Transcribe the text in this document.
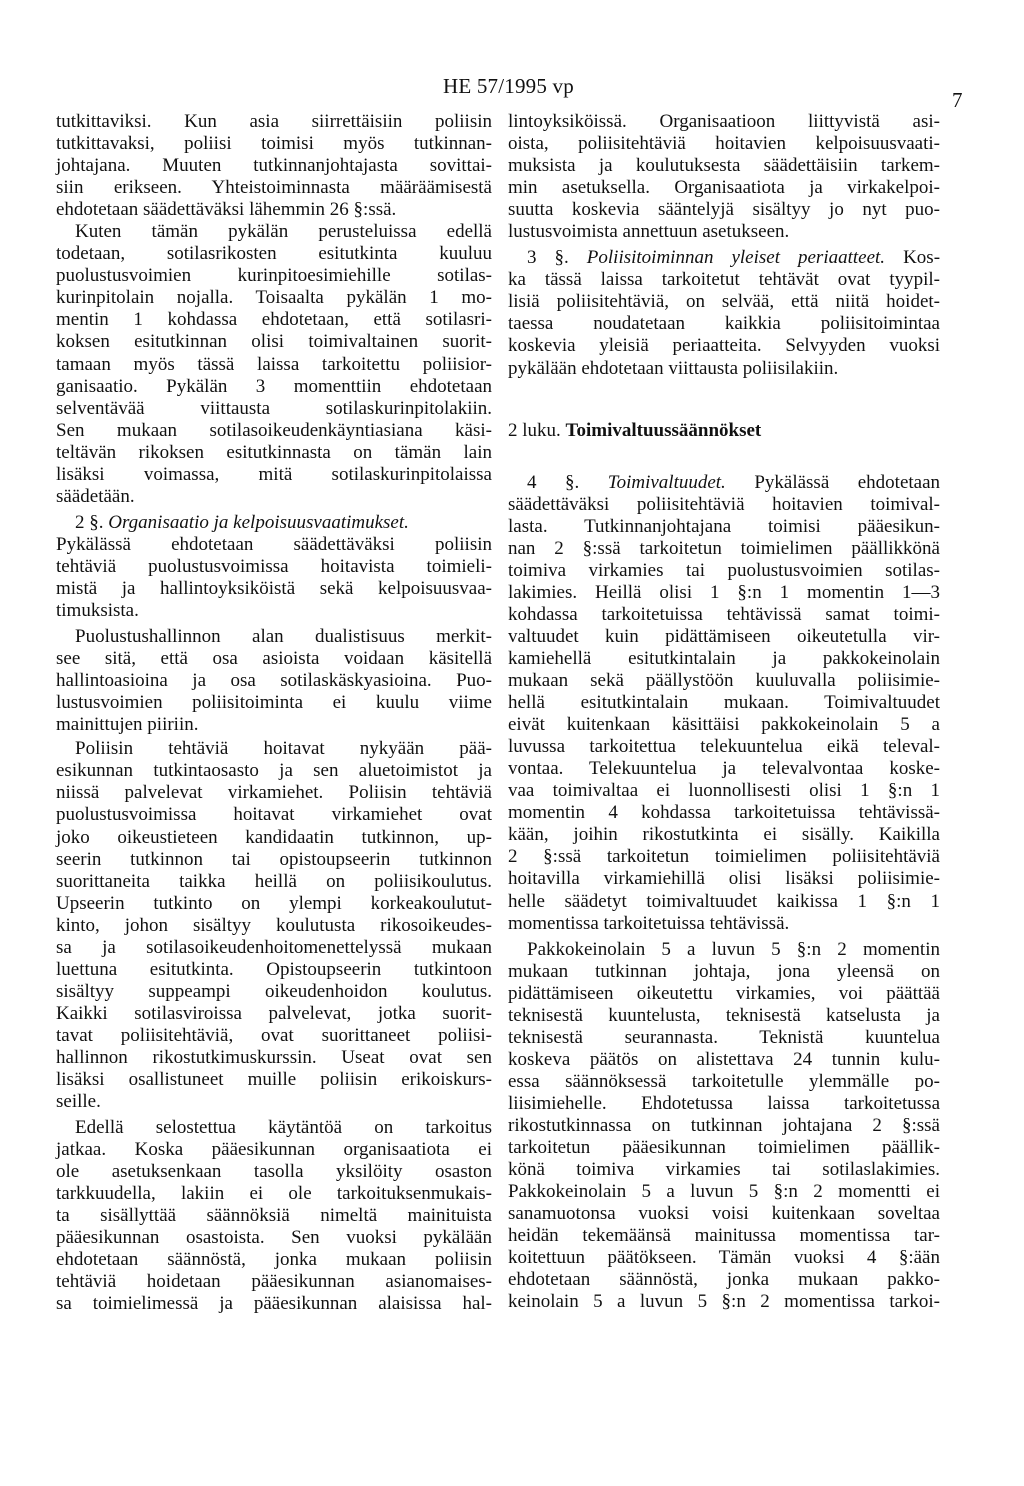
HE 57/1995 vp
7
tutkittaviksi. Kun asia siirrettäisiin poliisin
tutkittavaksi, poliisi toimisi myös tutkinnan-
johtajana. Muuten tutkinnanjohtajasta sovittai-
siin erikseen. Yhteistoiminnasta määräämisestä
ehdotetaan säädettäväksi lähemmin 26 §:ssä.
Kuten tämän pykälän perusteluissa edellä
todetaan, sotilasrikosten esitutkinta kuuluu
puolustusvoimien kurinpitoesimiehille sotilas-
kurinpitolain nojalla. Toisaalta pykälän 1 mo-
mentin 1 kohdassa ehdotetaan, että sotilasri-
koksen esitutkinnan olisi toimivaltainen suorit-
tamaan myös tässä laissa tarkoitettu poliisior-
ganisaatio. Pykälän 3 momenttiin ehdotetaan
selventävää viittausta sotilaskurinpitolakiin.
Sen mukaan sotilasoikeudenkäyntiasiana käsi-
teltävän rikoksen esitutkinnasta on tämän lain
lisäksi voimassa, mitä sotilaskurinpitolaissa
säädetään.
2 §. Organisaatio ja kelpoisuusvaatimukset.
Pykälässä ehdotetaan säädettäväksi poliisin
tehtäviä puolustusvoimissa hoitavista toimieli-
mistä ja hallintoyksiköistä sekä kelpoisuusvaa-
timuksista.
Puolustushallinnon alan dualistisuus merkit-
see sitä, että osa asioista voidaan käsitellä
hallintoasioina ja osa sotilaskäskyasioina. Puo-
lustusvoimien poliisitoiminta ei kuulu viime
mainittujen piiriin.
Poliisin tehtäviä hoitavat nykyään pää-
esikunnan tutkintaosasto ja sen aluetoimistot ja
niissä palvelevat virkamiehet. Poliisin tehtäviä
puolustusvoimissa hoitavat virkamiehet ovat
joko oikeustieteen kandidaatin tutkinnon, up-
seerin tutkinnon tai opistoupseerin tutkinnon
suorittaneita taikka heillä on poliisikoulutus.
Upseerin tutkinto on ylempi korkeakoulutut-
kinto, johon sisältyy koulutusta rikosoikeudes-
sa ja sotilasoikeudenhoitomenettelyssä mukaan
luettuna esitutkinta. Opistoupseerin tutkintoon
sisältyy suppeampi oikeudenhoidon koulutus.
Kaikki sotilasviroissa palvelevat, jotka suorit-
tavat poliisitehtäviä, ovat suorittaneet poliisi-
hallinnon rikostutkimuskurssin. Useat ovat sen
lisäksi osallistuneet muille poliisin erikoiskurs-
seille.
Edellä selostettua käytäntöä on tarkoitus
jatkaa. Koska pääesikunnan organisaatiota ei
ole asetuksenkaan tasolla yksilöity osaston
tarkkuudella, lakiin ei ole tarkoituksenmukais-
ta sisällyttää säännöksiä nimeltä mainituista
pääesikunnan osastoista. Sen vuoksi pykälään
ehdotetaan säännöstä, jonka mukaan poliisin
tehtäviä hoidetaan pääesikunnan asianomaises-
sa toimielimessä ja pääesikunnan alaisissa hal-
lintoyksiköissä. Organisaatioon liittyvistä asi-
oista, poliisitehtäviä hoitavien kelpoisuusvaati-
muksista ja koulutuksesta säädettäisiin tarkem-
min asetuksella. Organisaatiota ja virkakelpoi-
suutta koskevia sääntelyjä sisältyy jo nyt puo-
lustusvoimista annettuun asetukseen.
3 §. Poliisitoiminnan yleiset periaatteet. Kos-
ka tässä laissa tarkoitetut tehtävät ovat tyypil-
lisiä poliisitehtäviä, on selvää, että niitä hoidet-
taessa noudatetaan kaikkia poliisitoimintaa
koskevia yleisiä periaatteita. Selvyyden vuoksi
pykälään ehdotetaan viittausta poliisilakiin.
2 luku. Toimivaltuussäännökset
4 §. Toimivaltuudet. Pykälässä ehdotetaan
säädettäväksi poliisitehtäviä hoitavien toimival-
lasta. Tutkinnanjohtajana toimisi pääesikun-
nan 2 §:ssä tarkoitetun toimielimen päällikkönä
toimiva virkamies tai puolustusvoimien sotilas-
lakimies. Heillä olisi 1 §:n 1 momentin 1—3
kohdassa tarkoitetuissa tehtävissä samat toimi-
valtuudet kuin pidättämiseen oikeutetulla vir-
kamiehellä esitutkintalain ja pakkokeinolain
mukaan sekä päällystöön kuuluvalla poliisimie-
hellä esitutkintalain mukaan. Toimivaltuudet
eivät kuitenkaan käsittäisi pakkokeinolain 5 a
luvussa tarkoitettua telekuuntelua eikä televal-
vontaa. Telekuuntelua ja televalvontaa koske-
vaa toimivaltaa ei luonnollisesti olisi 1 §:n 1
momentin 4 kohdassa tarkoitetuissa tehtävissä-
kään, joihin rikostutkinta ei sisälly. Kaikilla
2 §:ssä tarkoitetun toimielimen poliisitehtäviä
hoitavilla virkamiehillä olisi lisäksi poliisimie-
helle säädetyt toimivaltuudet kaikissa 1 §:n 1
momentissa tarkoitetuissa tehtävissä.
Pakkokeinolain 5 a luvun 5 §:n 2 momentin
mukaan tutkinnan johtaja, jona yleensä on
pidättämiseen oikeutettu virkamies, voi päättää
teknisestä kuuntelusta, teknisestä katselusta ja
teknisestä seurannasta. Teknistä kuuntelua
koskeva päätös on alistettava 24 tunnin kulu-
essa säännöksessä tarkoitetulle ylemmälle po-
liisimiehelle. Ehdotetussa laissa tarkoitetussa
rikostutkinnassa on tutkinnan johtajana 2 §:ssä
tarkoitetun pääesikunnan toimielimen päällik-
könä toimiva virkamies tai sotilaslakimies.
Pakkokeinolain 5 a luvun 5 §:n 2 momentti ei
sanamuotonsa vuoksi voisi kuitenkaan soveltaa
heidän tekemäänsä mainitussa momentissa tar-
koitettuun päätökseen. Tämän vuoksi 4 §:ään
ehdotetaan säännöstä, jonka mukaan pakko-
keinolain 5 a luvun 5 §:n 2 momentissa tarkoi-
